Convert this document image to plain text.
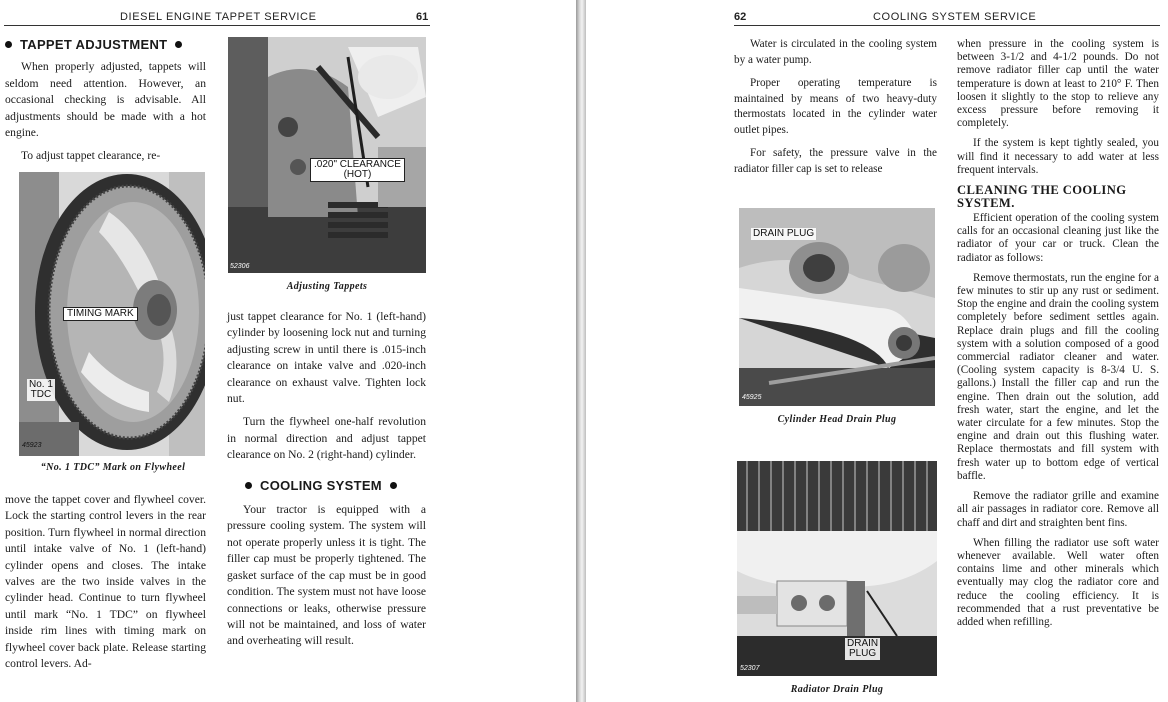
DIESEL ENGINE TAPPET SERVICE	61
TAPPET ADJUSTMENT

When properly adjusted, tappets will seldom need attention. However, an occasional checking is advisable. All adjustments should be made with a hot engine.

To adjust tappet clearance, re-

TIMING MARK
No. 1
TDC
45923
“No. 1 TDC” Mark on Flywheel

move the tappet cover and flywheel cover. Lock the starting control levers in the rear position. Turn flywheel in normal direction until intake valve of No. 1 (left-hand) cylinder opens and closes. The intake valves are the two inside valves in the cylinder head. Continue to turn flywheel until mark “No. 1 TDC” on flywheel inside rim lines with timing mark on flywheel cover back plate. Release starting control levers. Ad-

.020" CLEARANCE
(HOT)
52306
Adjusting Tappets

just tappet clearance for No. 1 (left-hand) cylinder by loosening lock nut and turning adjusting screw in until there is .015-inch clearance on intake valve and .020-inch clearance on exhaust valve. Tighten lock nut.

Turn the flywheel one-half revolution in normal direction and adjust tappet clearance on No. 2 (right-hand) cylinder.

COOLING SYSTEM

Your tractor is equipped with a pressure cooling system. The system will not operate properly unless it is tight. The filler cap must be properly tightened. The gasket surface of the cap must be in good condition. The system must not have loose connections or leaks, otherwise pressure will not be maintained, and loss of water and overheating will result.

62	COOLING SYSTEM SERVICE

Water is circulated in the cooling system by a water pump.

Proper operating temperature is maintained by means of two heavy-duty thermostats located in the cylinder water outlet pipes.

For safety, the pressure valve in the radiator filler cap is set to release

DRAIN PLUG
45925
Cylinder Head Drain Plug
DRAIN
PLUG
52307
Radiator Drain Plug

when pressure in the cooling system is between 3-1/2 and 4-1/2 pounds. Do not remove radiator filler cap until the water temperature is down at least to 210° F. Then loosen it slightly to the stop to relieve any excess pressure before removing it completely.

If the system is kept tightly sealed, you will find it necessary to add water at less frequent intervals.

CLEANING THE COOLING SYSTEM.

Efficient operation of the cooling system calls for an occasional cleaning just like the radiator of your car or truck. Clean the radiator as follows:

Remove thermostats, run the engine for a few minutes to stir up any rust or sediment. Stop the engine and drain the cooling system completely before sediment settles again. Replace drain plugs and fill the cooling system with a solution composed of a good commercial radiator cleaner and water. (Cooling system capacity is 8-3/4 U. S. gallons.) Install the filler cap and run the engine. Then drain out the solution, add fresh water, start the engine, and let the water circulate for a few minutes. Stop the engine and drain out this flushing water. Replace thermostats and fill system with fresh water up to bottom edge of vertical baffle.

Remove the radiator grille and examine all air passages in radiator core. Remove all chaff and dirt and straighten bent fins.

When filling the radiator use soft water whenever available. Well water often contains lime and other minerals which eventually may clog the radiator core and reduce the cooling efficiency. It is recommended that a rust preventative be added when refilling.
